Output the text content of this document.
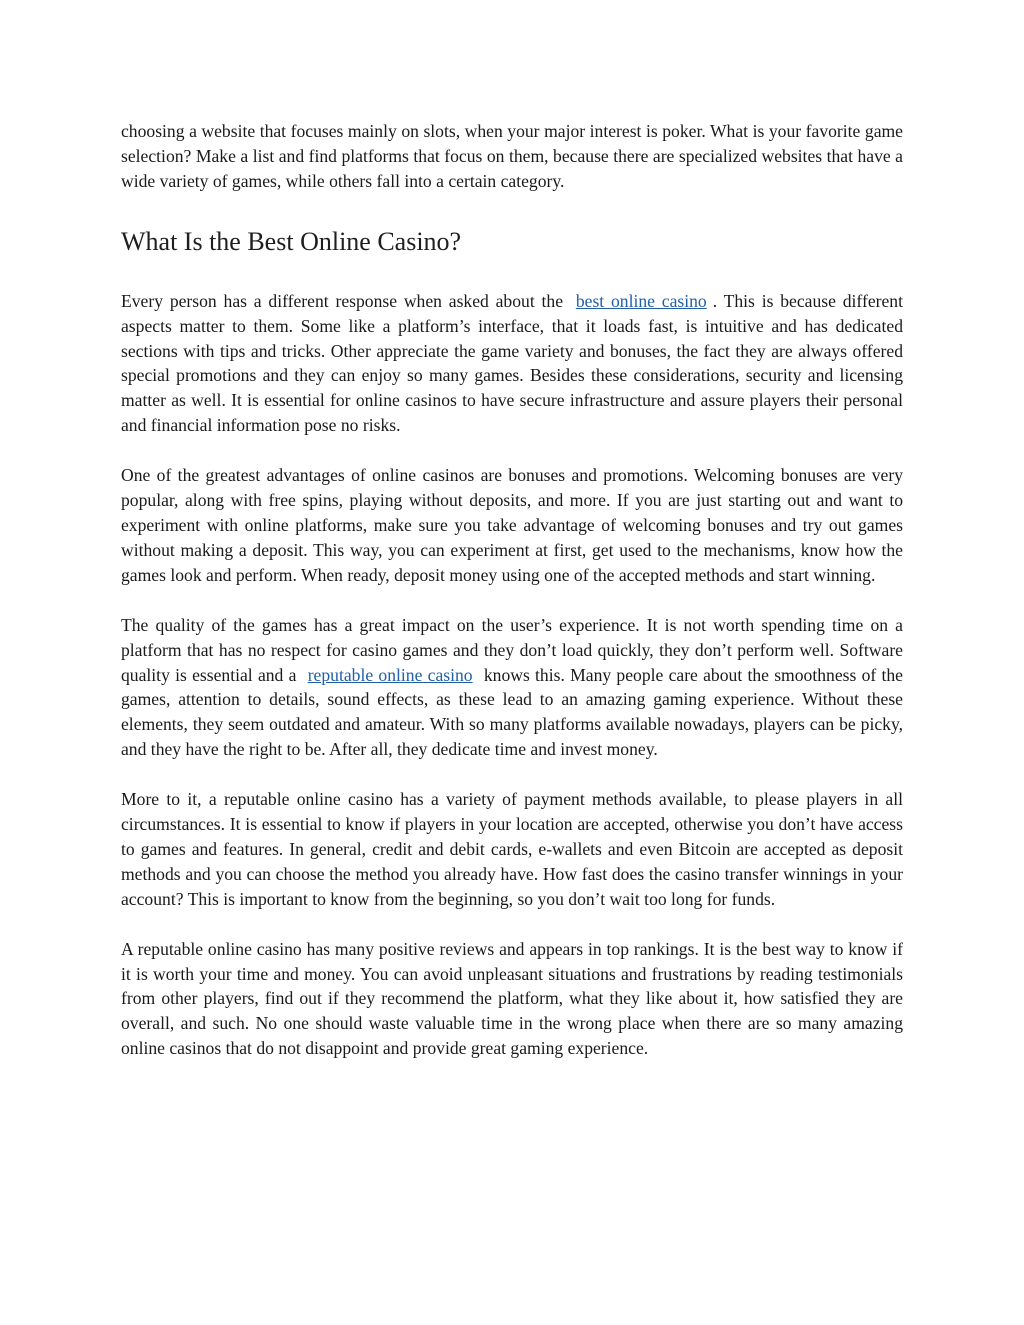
choosing a website that focuses mainly on slots, when your major interest is poker. What is your favorite game selection? Make a list and find platforms that focus on them, because there are specialized websites that have a wide variety of games, while others fall into a certain category.

What Is the Best Online Casino?

Every person has a different response when asked about the best online casino . This is because different aspects matter to them. Some like a platform’s interface, that it loads fast, is intuitive and has dedicated sections with tips and tricks. Other appreciate the game variety and bonuses, the fact they are always offered special promotions and they can enjoy so many games. Besides these considerations, security and licensing matter as well. It is essential for online casinos to have secure infrastructure and assure players their personal and financial information pose no risks.

One of the greatest advantages of online casinos are bonuses and promotions. Welcoming bonuses are very popular, along with free spins, playing without deposits, and more. If you are just starting out and want to experiment with online platforms, make sure you take advantage of welcoming bonuses and try out games without making a deposit. This way, you can experiment at first, get used to the mechanisms, know how the games look and perform. When ready, deposit money using one of the accepted methods and start winning.

The quality of the games has a great impact on the user’s experience. It is not worth spending time on a platform that has no respect for casino games and they don’t load quickly, they don’t perform well. Software quality is essential and a reputable online casino knows this. Many people care about the smoothness of the games, attention to details, sound effects, as these lead to an amazing gaming experience. Without these elements, they seem outdated and amateur. With so many platforms available nowadays, players can be picky, and they have the right to be. After all, they dedicate time and invest money.

More to it, a reputable online casino has a variety of payment methods available, to please players in all circumstances. It is essential to know if players in your location are accepted, otherwise you don’t have access to games and features. In general, credit and debit cards, e-wallets and even Bitcoin are accepted as deposit methods and you can choose the method you already have. How fast does the casino transfer winnings in your account? This is important to know from the beginning, so you don’t wait too long for funds.

A reputable online casino has many positive reviews and appears in top rankings. It is the best way to know if it is worth your time and money. You can avoid unpleasant situations and frustrations by reading testimonials from other players, find out if they recommend the platform, what they like about it, how satisfied they are overall, and such. No one should waste valuable time in the wrong place when there are so many amazing online casinos that do not disappoint and provide great gaming experience.
